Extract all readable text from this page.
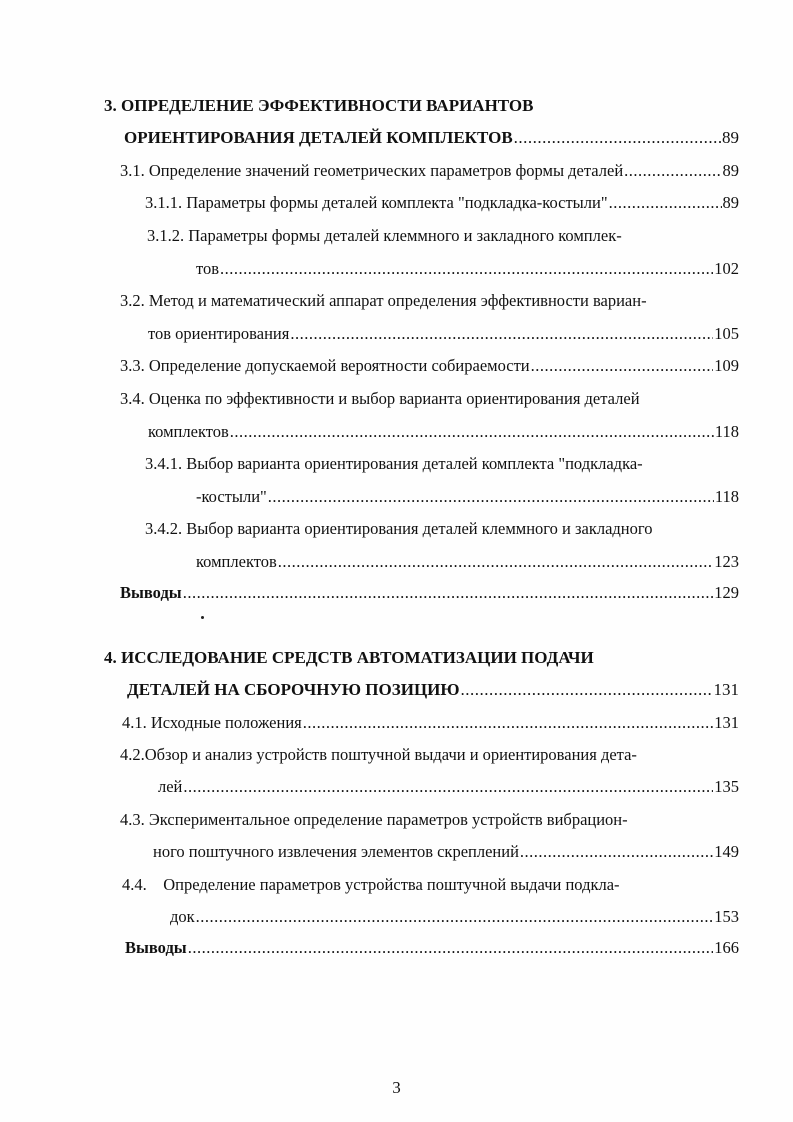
3. ОПРЕДЕЛЕНИЕ ЭФФЕКТИВНОСТИ ВАРИАНТОВ
ОРИЕНТИРОВАНИЯ ДЕТАЛЕЙ КОМПЛЕКТОВ .....	89
3.1. Определение значений геометрических параметров формы деталей .....	89
3.1.1. Параметры формы деталей комплекта "подкладка-костыли" .....	89
3.1.2. Параметры формы деталей клеммного и закладного комплек-
тов .....	102
3.2. Метод и математический аппарат определения эффективности вариан-
тов ориентирования .....	105
3.3. Определение допускаемой вероятности собираемости .....	109
3.4. Оценка по эффективности и выбор варианта ориентирования деталей
комплектов .....	118
3.4.1. Выбор варианта ориентирования деталей комплекта "подкладка-
-костыли" .....	118
3.4.2. Выбор варианта ориентирования деталей клеммного и закладного
комплектов .....	123
Выводы .....	129
4. ИССЛЕДОВАНИЕ СРЕДСТВ АВТОМАТИЗАЦИИ ПОДАЧИ
ДЕТАЛЕЙ НА СБОРОЧНУЮ ПОЗИЦИЮ .....	131
4.1. Исходные положения .....	131
4.2.Обзор и анализ устройств поштучной выдачи и ориентирования дета-
лей .....	135
4.3. Экспериментальное определение параметров устройств вибрацион-
ного поштучного извлечения элементов скреплений .....	149
4.4.    Определение параметров устройства поштучной выдачи подкла-
док .....	153
Выводы .....	166
3
